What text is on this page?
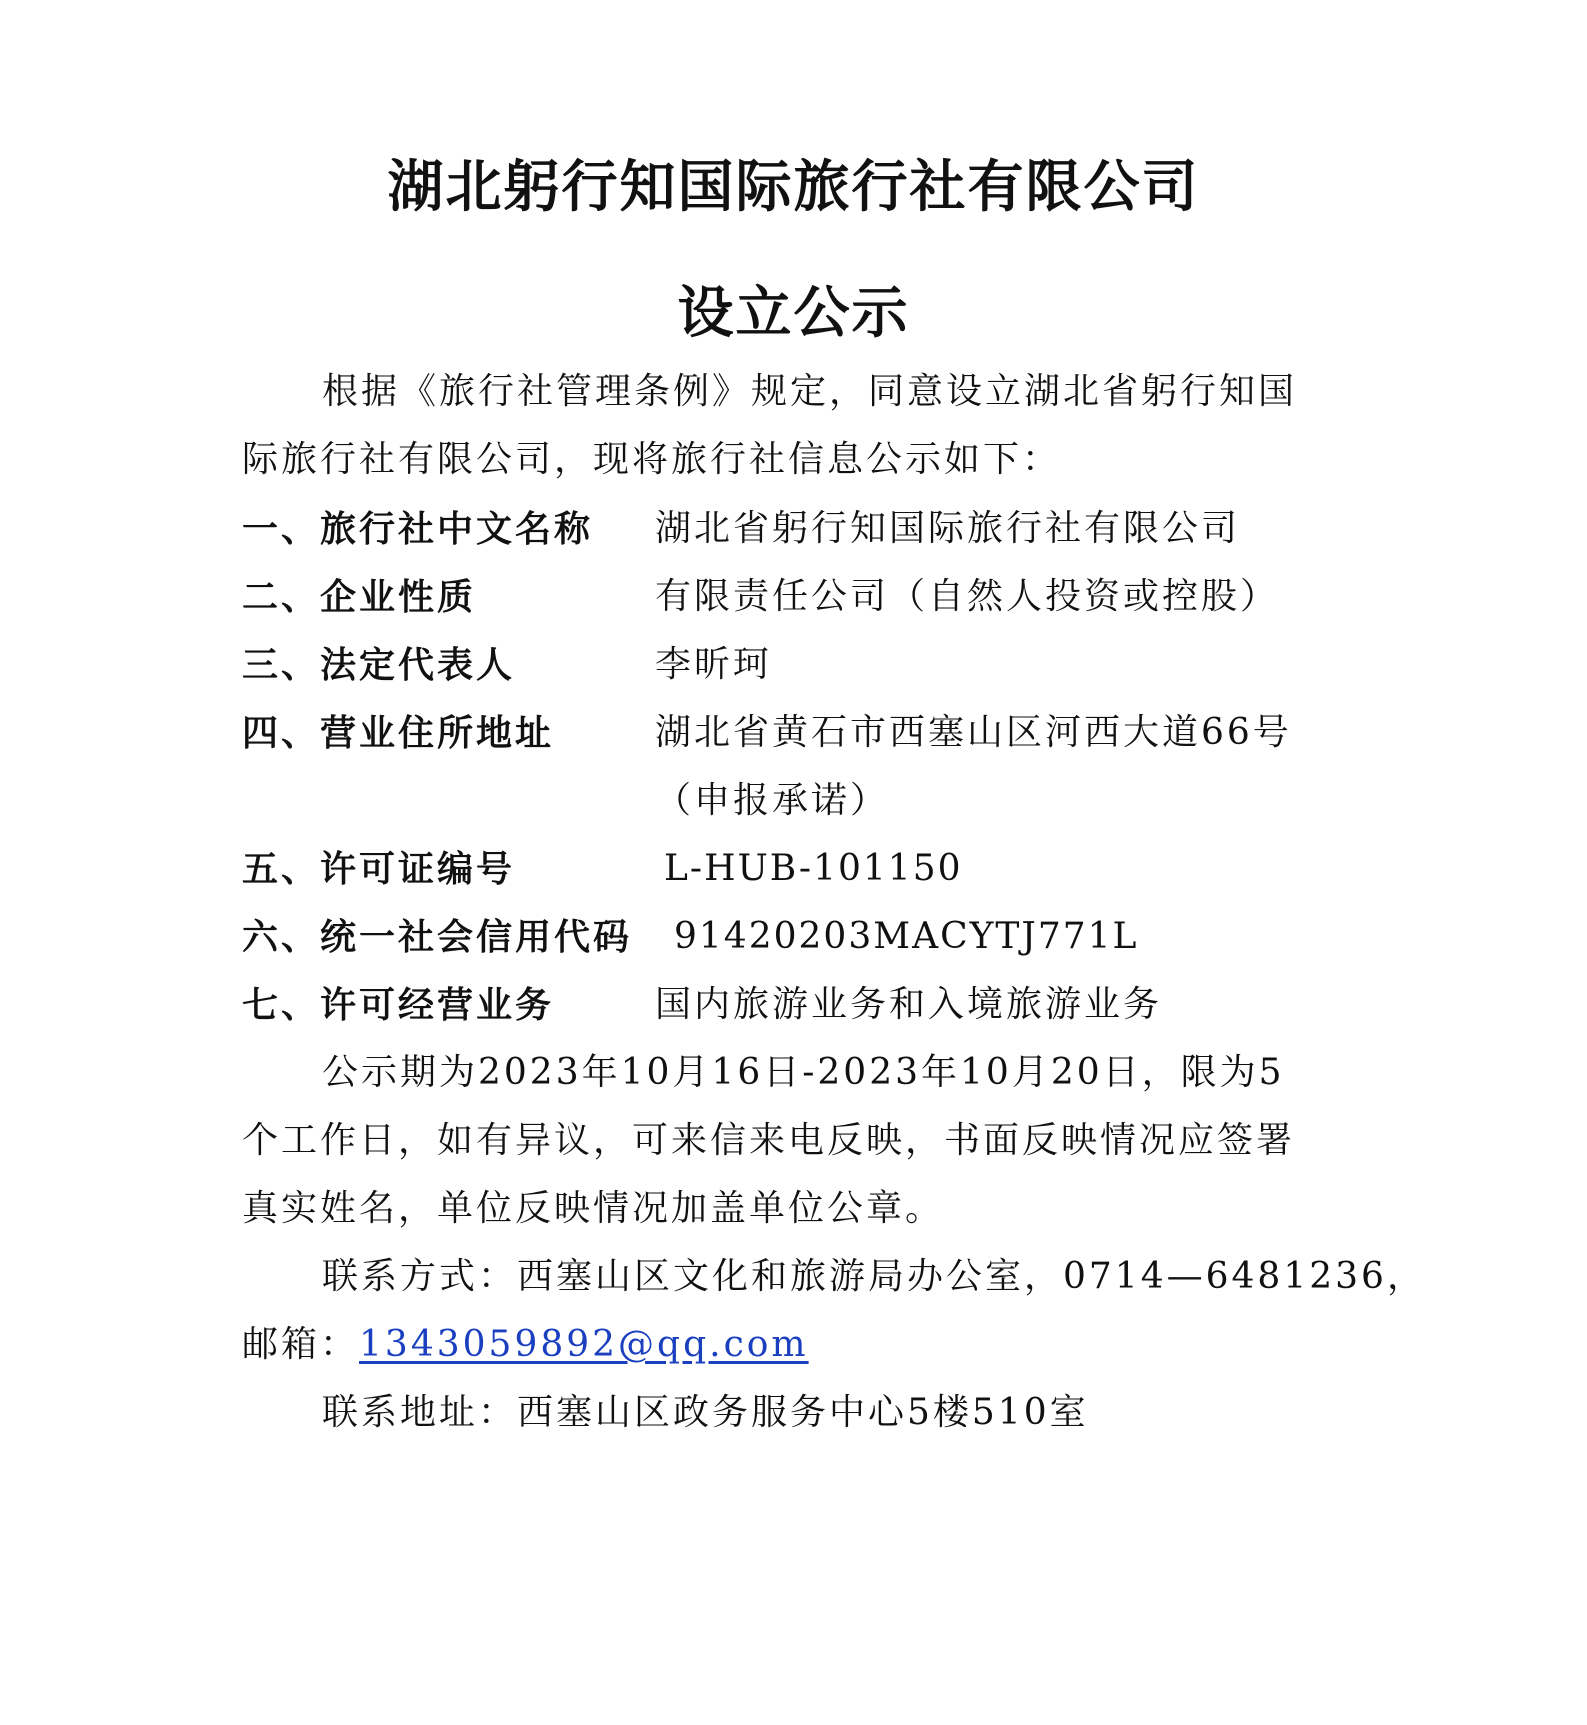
湖北躬行知国际旅行社有限公司
设立公示
根据《旅行社管理条例》规定，同意设立湖北省躬行知国
际旅行社有限公司，现将旅行社信息公示如下：
一、旅行社中文名称 湖北省躬行知国际旅行社有限公司
二、企业性质	有限责任公司（自然人投资或控股）
三、法定代表人	李昕珂
四、营业住所地址	湖北省黄石市西塞山区河西大道66号
（申报承诺）
五、许可证编号	L-HUB-101150
六、统一社会信用代码 91420203MACYTJ771L
七、许可经营业务	国内旅游业务和入境旅游业务
公示期为2023年10月16日-2023年10月20日，限为5
个工作日，如有异议，可来信来电反映，书面反映情况应签署
真实姓名，单位反映情况加盖单位公章。
联系方式：西塞山区文化和旅游局办公室，0714—6481236，
邮箱：1343059892@qq.com
联系地址：西塞山区政务服务中心5楼510室
